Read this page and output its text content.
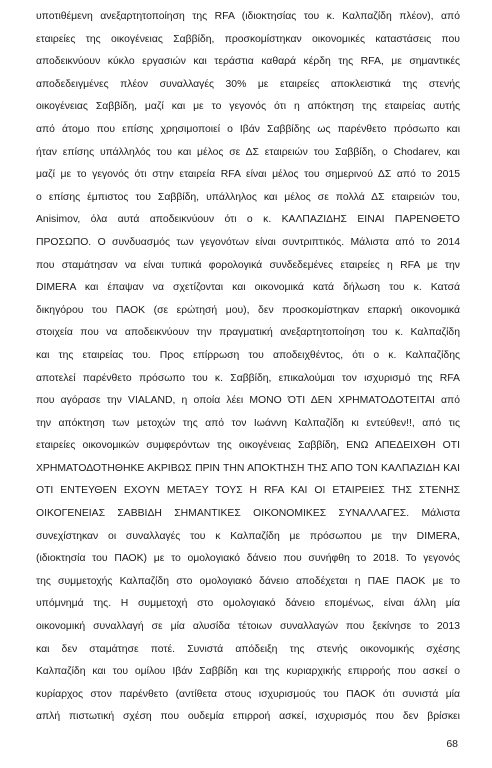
υποτιθέμενη ανεξαρτητοποίηση της RFA (ιδιοκτησίας του κ. Καλπαζίδη πλέον), από
εταιρείες της οικογένειας Σαββίδη, προσκομίστηκαν οικονομικές καταστάσεις που
αποδεικνύουν κύκλο εργασιών και τεράστια καθαρά κέρδη της RFA, με σημαντικές
αποδεδειγμένες πλέον συναλλαγές 30% με εταιρείες αποκλειστικά της στενής
οικογένειας Σαββίδη, μαζί και με το γεγονός ότι η απόκτηση της εταιρείας αυτής
από άτομο που επίσης χρησιμοποιεί ο Ιβάν Σαββίδης ως παρένθετο πρόσωπο και
ήταν επίσης υπάλληλός του και μέλος σε ΔΣ εταιρειών του Σαββίδη, ο Chodarev, και
μαζί με το γεγονός ότι στην εταιρεία RFA είναι μέλος του σημερινού ΔΣ από το 2015
ο επίσης έμπιστος του Σαββίδη, υπάλληλος και μέλος σε πολλά ΔΣ εταιρειών του,
Anisimov, όλα αυτά αποδεικνύουν ότι ο κ. ΚΑΛΠΑΖΙΔΗΣ ΕΙΝΑΙ ΠΑΡΕΝΘΕΤΟ
ΠΡΟΣΩΠΟ. Ο συνδυασμός των γεγονότων είναι συντριπτικός. Μάλιστα από το 2014
που σταμάτησαν να είναι τυπικά φορολογικά συνδεδεμένες εταιρείες η RFA με την
DIMERA και έπαψαν να σχετίζονται και οικονομικά κατά δήλωση του κ. Κατσά
δικηγόρου του ΠΑΟΚ (σε ερώτησή μου), δεν προσκομίστηκαν επαρκή οικονομικά
στοιχεία που να αποδεικνύουν την πραγματική ανεξαρτητοποίηση του κ. Καλπαζίδη
και της εταιρείας του. Προς επίρρωση του αποδειχθέντος, ότι ο κ. Καλπαζίδης
αποτελεί παρένθετο πρόσωπο του κ. Σαββίδη, επικαλούμαι τον ισχυρισμό της RFA
που αγόρασε την VIALAND, η οποία λέει ΜΟΝΟ ΌΤΙ ΔΕΝ ΧΡΗΜΑΤΟΔΟΤΕΙΤΑΙ από
την απόκτηση των μετοχών της από τον Ιωάννη Καλπαζίδη κι εντεύθεν!!, από τις
εταιρείες οικονομικών συμφερόντων της οικογένειας Σαββίδη, ΕΝΩ ΑΠΕΔΕΙΧΘΗ ΟΤΙ
ΧΡΗΜΑΤΟΔΟΤΗΘΗΚΕ ΑΚΡΙΒΩΣ ΠΡΙΝ ΤΗΝ ΑΠΟΚΤΗΣΗ ΤΗΣ ΑΠΟ ΤΟΝ ΚΑΛΠΑΖΙΔΗ ΚΑΙ
ΟΤΙ ΕΝΤΕΥΘΕΝ ΕΧΟΥΝ ΜΕΤΑΞΥ ΤΟΥΣ Η RFA ΚΑΙ ΟΙ ΕΤΑΙΡΕΙΕΣ ΤΗΣ ΣΤΕΝΗΣ
ΟΙΚΟΓΕΝΕΙΑΣ ΣΑΒΒΙΔΗ ΣΗΜΑΝΤΙΚΕΣ ΟΙΚΟΝΟΜΙΚΕΣ ΣΥΝΑΛΛΑΓΕΣ. Μάλιστα
συνεχίστηκαν οι συναλλαγές του κ Καλπαζίδη με πρόσωπου με την DIMERA,
(ιδιοκτησία του ΠΑΟΚ) με το ομολογιακό δάνειο που συνήφθη το 2018. Το γεγονός
της συμμετοχής Καλπαζίδη στο ομολογιακό δάνειο αποδέχεται η ΠΑΕ ΠΑΟΚ με το
υπόμνημά της. Η συμμετοχή στο ομολογιακό δάνειο επομένως, είναι άλλη μία
οικονομική συναλλαγή σε μία αλυσίδα τέτοιων συναλλαγών που ξεκίνησε το 2013
και δεν σταμάτησε ποτέ. Συνιστά απόδειξη της στενής οικονομικής σχέσης
Καλπαζίδη και του ομίλου Ιβάν Σαββίδη και της κυριαρχικής επιρροής που ασκεί ο
κυρίαρχος στον παρένθετο (αντίθετα στους ισχυρισμούς του ΠΑΟΚ ότι συνιστά μία
απλή πιστωτική σχέση που ουδεμία επιρροή ασκεί, ισχυρισμός που δεν βρίσκει
68
